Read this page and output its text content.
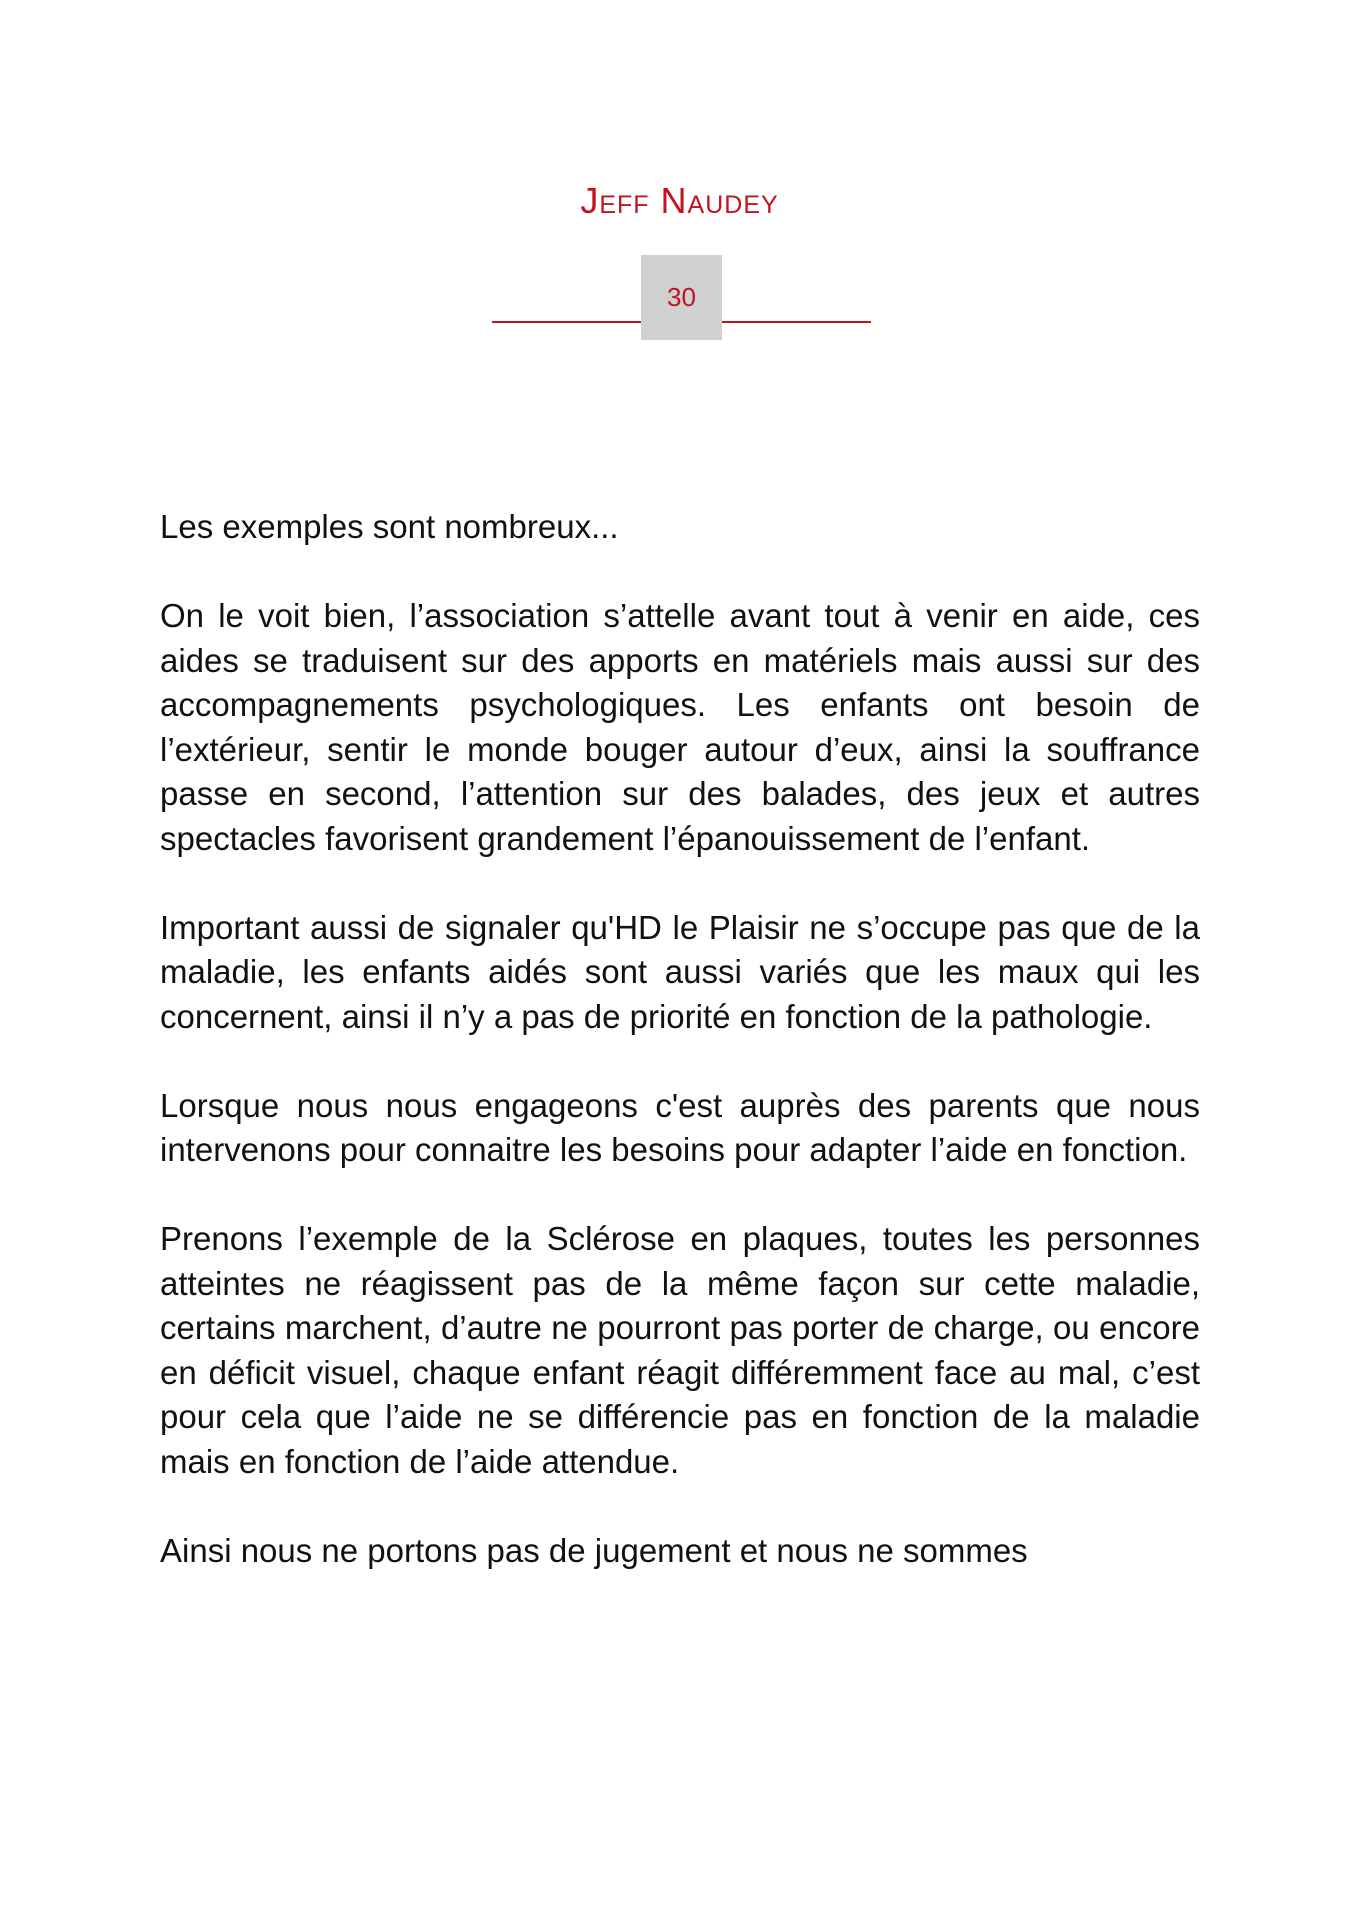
Jeff Naudey
30

Les exemples sont nombreux...

On le voit bien, l’association s’attelle avant tout à venir en aide, ces aides se traduisent sur des apports en matériels mais aussi sur des accompagnements psychologiques. Les enfants ont besoin de l’extérieur, sentir le monde bouger autour d’eux, ainsi la souffrance passe en second, l’attention sur des balades, des jeux et autres spectacles favorisent grandement l’épanouissement de l’enfant.

Important aussi de signaler qu'HD le Plaisir ne s’occupe pas que de la maladie, les enfants aidés sont aussi variés que les maux qui les concernent, ainsi il n’y a pas de priorité en fonction de la pathologie.

Lorsque nous nous engageons c'est auprès des parents que nous intervenons pour connaitre les besoins pour adapter l’aide en fonction.

Prenons l’exemple de la Sclérose en plaques, toutes les personnes atteintes ne réagissent pas de la même façon sur cette maladie, certains marchent, d’autre ne pourront pas porter de charge, ou encore en déficit visuel, chaque enfant réagit différemment face au mal, c’est pour cela que l’aide ne se différencie pas en fonction de la maladie mais en fonction de l’aide attendue.

Ainsi nous ne portons pas de jugement et nous ne sommes
